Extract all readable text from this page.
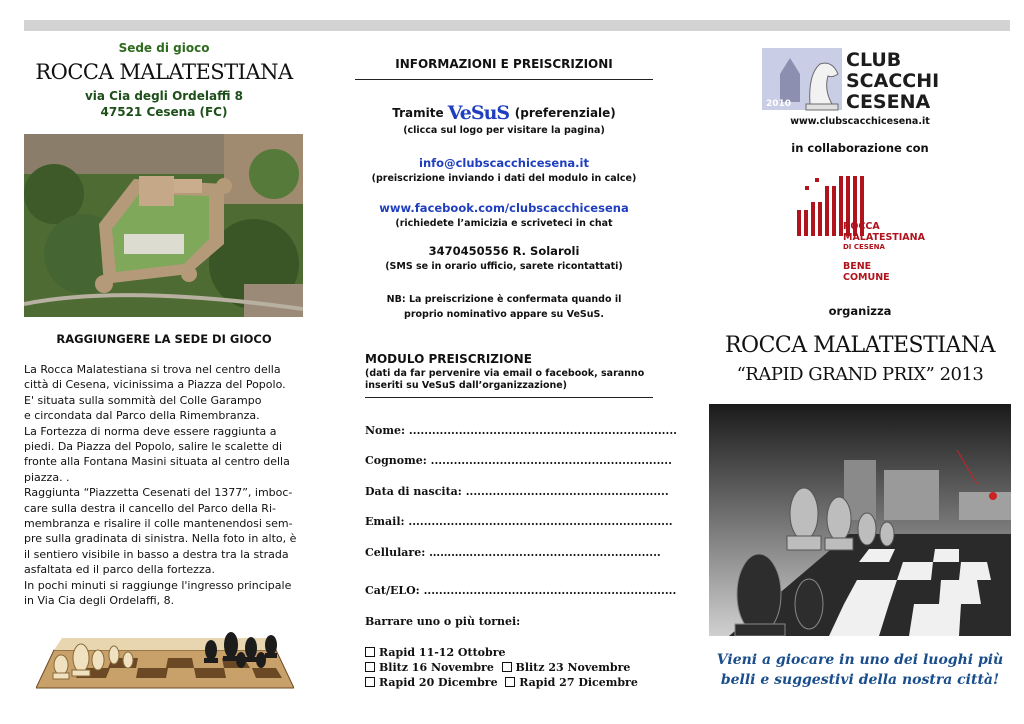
Sede di gioco
ROCCA MALATESTIANA
via Cia degli Ordelaffi 8
47521 Cesena (FC)
RAGGIUNGERE LA SEDE DI GIOCO
La Rocca Malatestiana si trova nel centro della
città di Cesena, vicinissima a Piazza del Popolo.
E' situata sulla sommità del Colle Garampo
e circondata dal Parco della Rimembranza.
La Fortezza di norma deve essere raggiunta a
piedi. Da Piazza del Popolo, salire le scalette di
fronte alla Fontana Masini situata al centro della
piazza. .
Raggiunta “Piazzetta Cesenati del 1377”, imboc-
care sulla destra il cancello del Parco della Ri-
membranza e risalire il colle mantenendosi sem-
pre sulla gradinata di sinistra. Nella foto in alto, è
il sentiero visibile in basso a destra tra la strada
asfaltata ed il parco della fortezza.
In pochi minuti si raggiunge l'ingresso principale
in Via Cia degli Ordelaffi, 8.
INFORMAZIONI E PREISCRIZIONI
Tramite VeSuS (preferenziale)
(clicca sul logo per visitare la pagina)
info@clubscacchicesena.it
(preiscrizione inviando i dati del modulo in calce)
www.facebook.com/clubscacchicesena
(richiedete l’amicizia e scriveteci in chat
3470450556 R. Solaroli
(SMS se in orario ufficio, sarete ricontattati)
NB: La preiscrizione è confermata quando il
proprio nominativo appare su VeSuS.
MODULO PREISCRIZIONE
(dati da far pervenire via email o facebook, saranno
inseriti su VeSuS dall’organizzazione)
Nome: ......................................................................
Cognome: ...............................................................
Data di nascita: .....................................................
Email: .....................................................................
Cellulare: ………….................................................
Cat/ELO: ..................................................................
Barrare uno o più tornei:
Rapid 11-12 Ottobre
Blitz 16 Novembre Blitz 23 Novembre
Rapid 20 Dicembre Rapid 27 Dicembre
2010
CLUB
SCACCHI
CESENA
www.clubscacchicesena.it
in collaborazione con
ROCCA
MALATESTIANA
DI CESENA
BENE
COMUNE
organizza
ROCCA MALATESTIANA
“RAPID GRAND PRIX” 2013
Vieni a giocare in uno dei luoghi più
belli e suggestivi della nostra città!
